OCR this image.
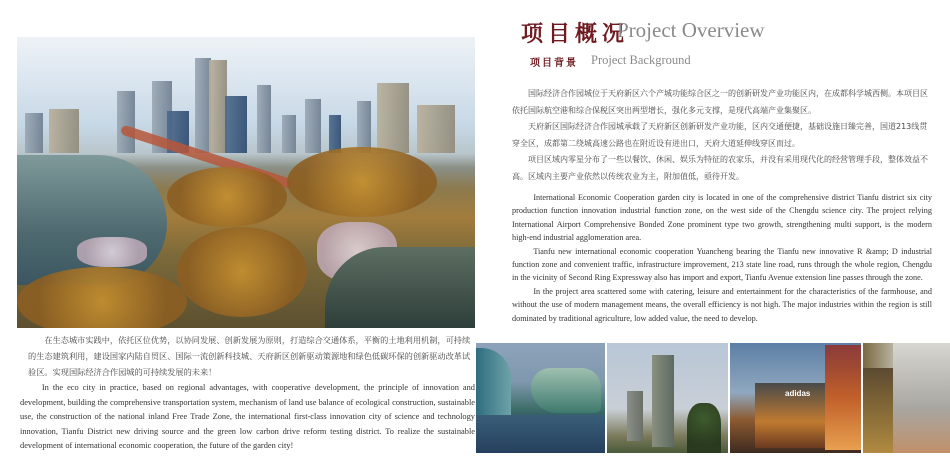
在生态城市实践中，依托区位优势，以协同发展、创新发展为原则，打造综合交通体系，平衡的土地利用机制，可持续的生态建筑利用，建设国家内陆自贸区、国际一流创新科技城、天府新区创新驱动策源地和绿色低碳环保的创新驱动改革试验区。实现国际经济合作园城的可持续发展的未来！

In the eco city in practice, based on regional advantages, with cooperative development, the principle of innovation and development, building the comprehensive transportation system, mechanism of land use balance of ecological construction, sustainable use, the construction of the national inland Free Trade Zone, the international first-class innovation city of science and technology innovation, Tianfu District new driving source and the green low carbon drive reform testing district. To realize the sustainable development of international economic cooperation, the future of the garden city!

项目概况
Project Overview
项目背景 Project Background

国际经济合作园城位于天府新区六个产城功能综合区之一的创新研发产业功能区内，在成都科学城西侧。本项目区依托国际航空港和综合保税区突出两型增长，强化多元支撑，是现代高端产业集聚区。

天府新区国际经济合作园城承载了天府新区创新研发产业功能，区内交通便捷，基础设施日臻完善，国道213线贯穿全区，成都第二绕城高速公路也在附近设有进出口，天府大道延伸线穿区而过。

项目区域内零星分布了一些以餐饮、休闲、娱乐为特征的农家乐，并没有采用现代化的经营管理手段，整体效益不高。区域内主要产业依然以传统农业为主，附加值低，亟待开发。

International Economic Cooperation garden city is located in one of the comprehensive district Tianfu district six city production function innovation industrial function zone, on the west side of the Chengdu science city. The project relying International Airport Comprehensive Bonded Zone prominent type two growth, strengthening multi support, is the modern high-end industrial agglomeration area.

Tianfu new international economic cooperation Yuancheng bearing the Tianfu new innovative R &amp; D industrial function zone and convenient traffic, infrastructure improvement, 213 state line road, runs through the whole region, Chengdu in the vicinity of Second Ring Expressway also has import and export, Tianfu Avenue extension line passes through the zone.

In the project area scattered some with catering, leisure and entertainment for the characteristics of the farmhouse, and without the use of modern management means, the overall efficiency is not high. The major industries within the region is still dominated by traditional agriculture, low added value, the need to develop.

adidas
